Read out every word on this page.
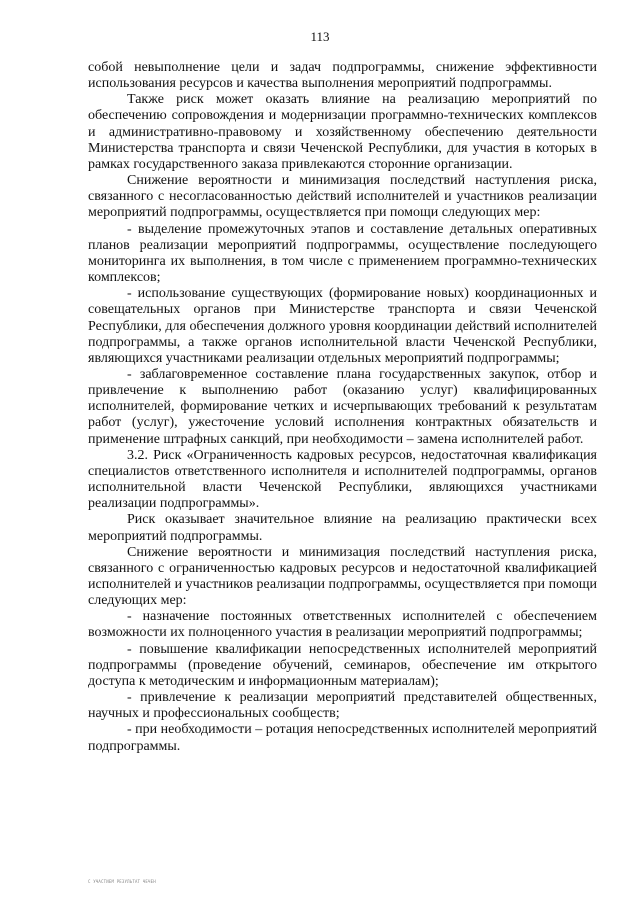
113

собой невыполнение цели и задач подпрограммы, снижение эффективности использования ресурсов и качества выполнения мероприятий подпрограммы.

Также риск может оказать влияние на реализацию мероприятий по обеспечению сопровождения и модернизации программно-технических комплексов и административно-правовому и хозяйственному обеспечению деятельности Министерства транспорта и связи Чеченской Республики, для участия в которых в рамках государственного заказа привлекаются сторонние организации.

Снижение вероятности и минимизация последствий наступления риска, связанного с несогласованностью действий исполнителей и участников реализации мероприятий подпрограммы, осуществляется при помощи следующих мер:

- выделение промежуточных этапов и составление детальных оперативных планов реализации мероприятий подпрограммы, осуществление последующего мониторинга их выполнения, в том числе с применением программно-технических комплексов;

- использование существующих (формирование новых) координационных и совещательных органов при Министерстве транспорта и связи Чеченской Республики, для обеспечения должного уровня координации действий исполнителей подпрограммы, а также органов исполнительной власти Чеченской Республики, являющихся участниками реализации отдельных мероприятий подпрограммы;

- заблаговременное составление плана государственных закупок, отбор и привлечение к выполнению работ (оказанию услуг) квалифицированных исполнителей, формирование четких и исчерпывающих требований к результатам работ (услуг), ужесточение условий исполнения контрактных обязательств и применение штрафных санкций, при необходимости – замена исполнителей работ.

3.2. Риск «Ограниченность кадровых ресурсов, недостаточная квалификация специалистов ответственного исполнителя и исполнителей подпрограммы, органов исполнительной власти Чеченской Республики, являющихся участниками реализации подпрограммы».

Риск оказывает значительное влияние на реализацию практически всех мероприятий подпрограммы.

Снижение вероятности и минимизация последствий наступления риска, связанного с ограниченностью кадровых ресурсов и недостаточной квалификацией исполнителей и участников реализации подпрограммы, осуществляется при помощи следующих мер:

- назначение постоянных ответственных исполнителей с обеспечением возможности их полноценного участия в реализации мероприятий подпрограммы;

- повышение квалификации непосредственных исполнителей мероприятий подпрограммы (проведение обучений, семинаров, обеспечение им открытого доступа к методическим и информационным материалам);

- привлечение к реализации мероприятий представителей общественных, научных и профессиональных сообществ;

- при необходимости – ротация непосредственных исполнителей мероприятий подпрограммы.

С УЧАСТИЕМ РЕЗУЛЬТАТ ЧЕЧЕН
